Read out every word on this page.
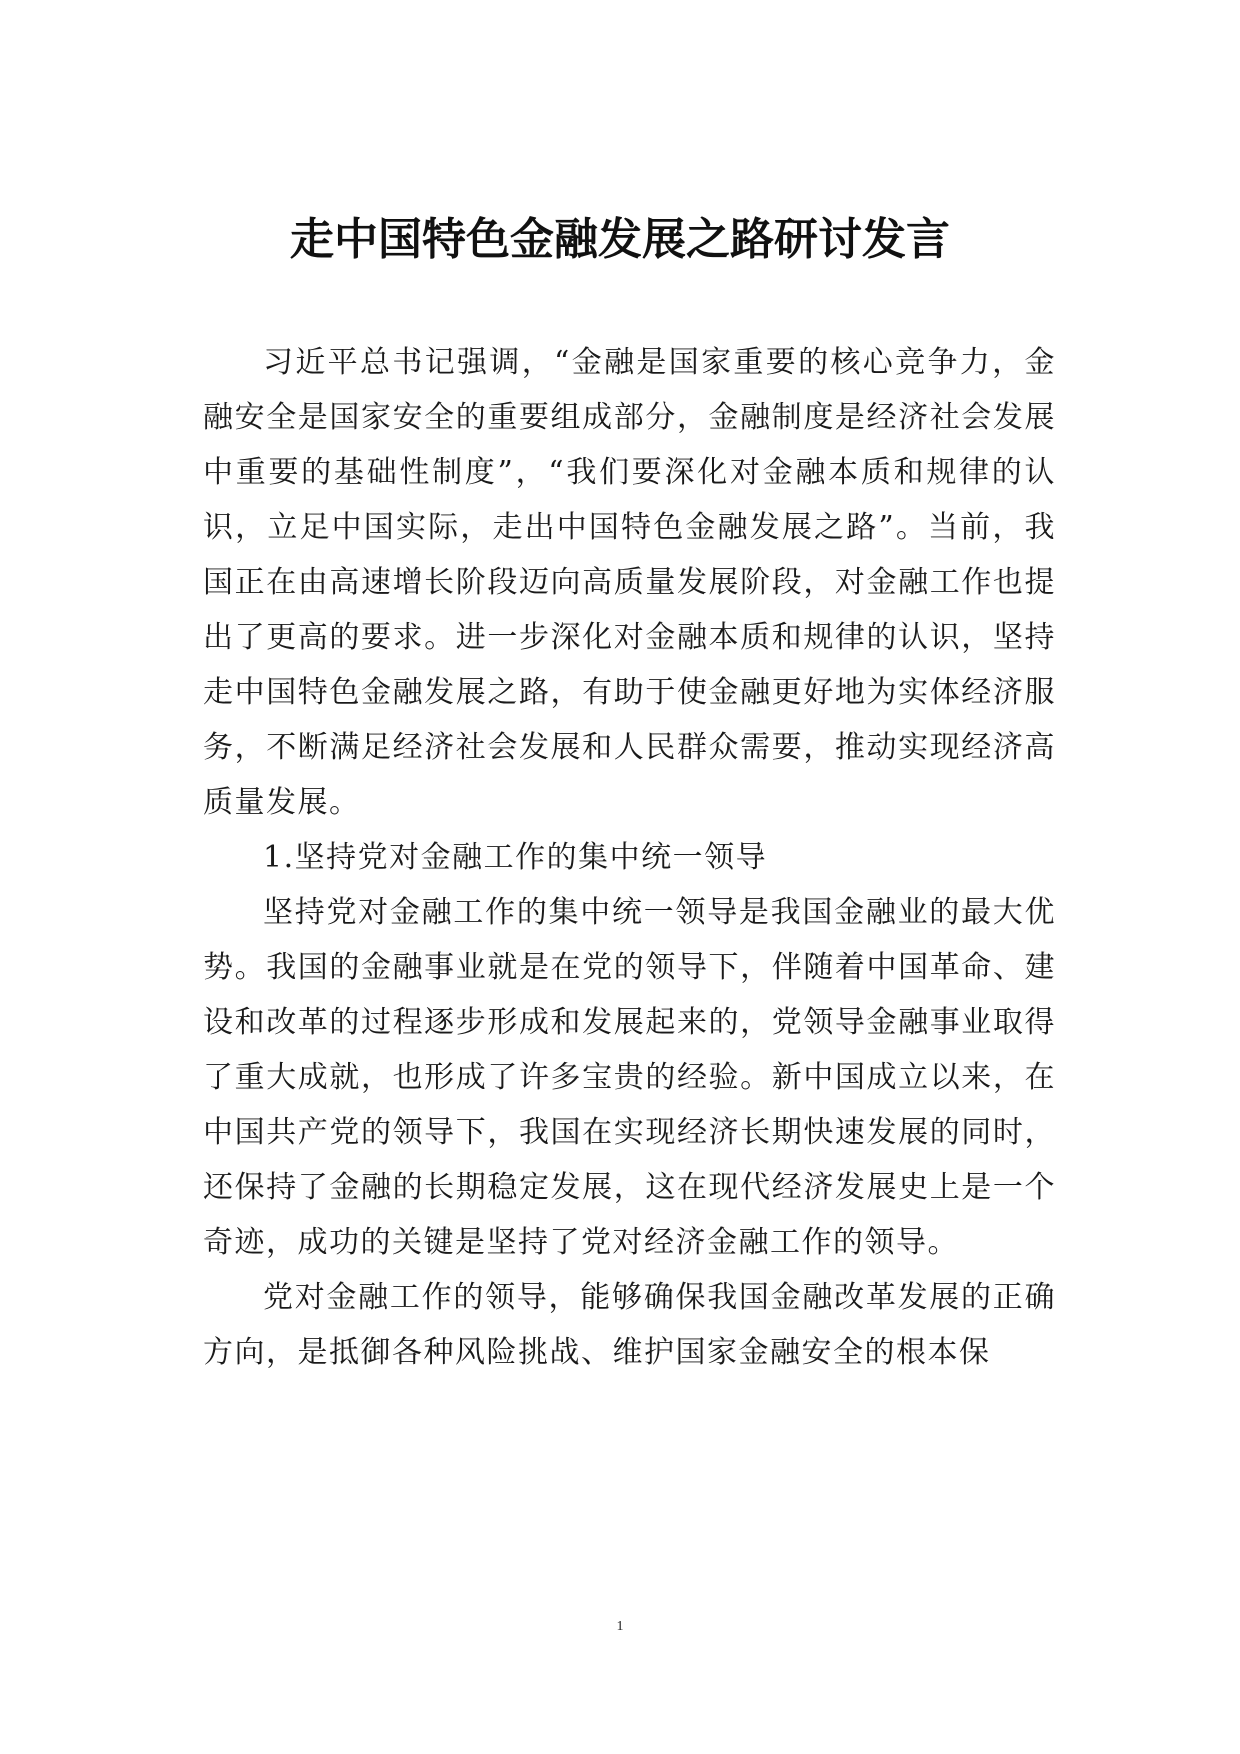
走中国特色金融发展之路研讨发言

习近平总书记强调，“金融是国家重要的核心竞争力，金融安全是国家安全的重要组成部分，金融制度是经济社会发展中重要的基础性制度”，“我们要深化对金融本质和规律的认识，立足中国实际，走出中国特色金融发展之路”。当前，我国正在由高速增长阶段迈向高质量发展阶段，对金融工作也提出了更高的要求。进一步深化对金融本质和规律的认识，坚持走中国特色金融发展之路，有助于使金融更好地为实体经济服务，不断满足经济社会发展和人民群众需要，推动实现经济高质量发展。

1.坚持党对金融工作的集中统一领导

坚持党对金融工作的集中统一领导是我国金融业的最大优势。我国的金融事业就是在党的领导下，伴随着中国革命、建设和改革的过程逐步形成和发展起来的，党领导金融事业取得了重大成就，也形成了许多宝贵的经验。新中国成立以来，在中国共产党的领导下，我国在实现经济长期快速发展的同时，还保持了金融的长期稳定发展，这在现代经济发展史上是一个奇迹，成功的关键是坚持了党对经济金融工作的领导。

党对金融工作的领导，能够确保我国金融改革发展的正确方向，是抵御各种风险挑战、维护国家金融安全的根本保

1
